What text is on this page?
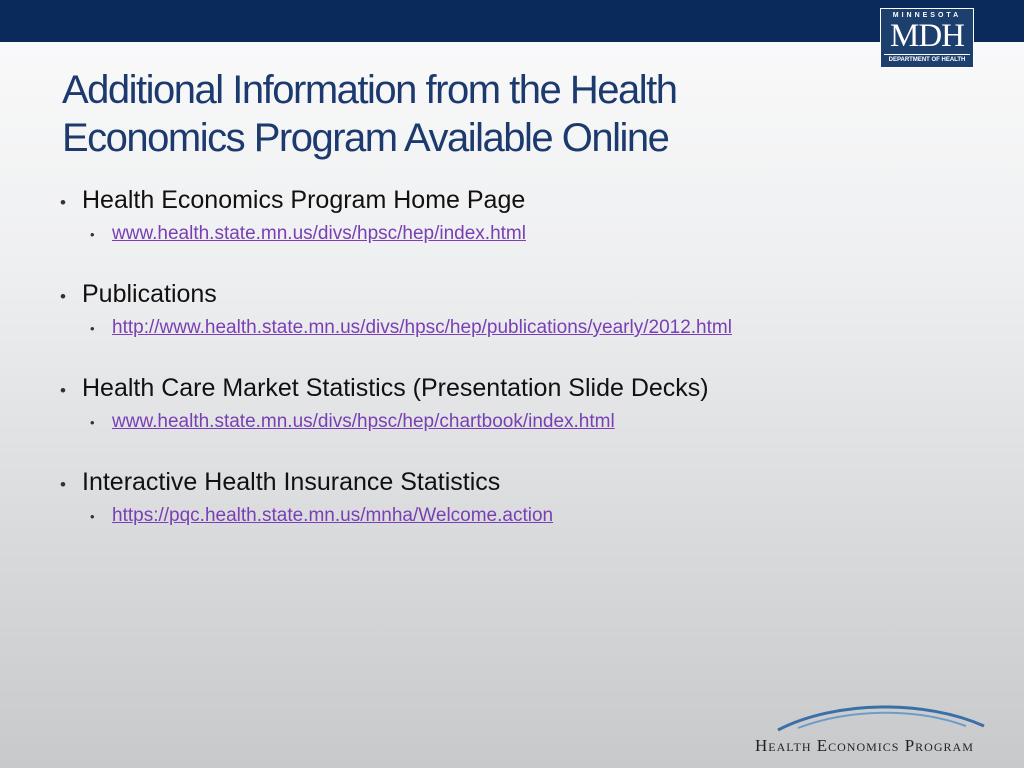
MINNESOTA
MDH
DEPARTMENT OF HEALTH
Additional Information from the Health Economics Program Available Online
• Health Economics Program Home Page
• www.health.state.mn.us/divs/hpsc/hep/index.html
• Publications
• http://www.health.state.mn.us/divs/hpsc/hep/publications/yearly/2012.html
• Health Care Market Statistics (Presentation Slide Decks)
• www.health.state.mn.us/divs/hpsc/hep/chartbook/index.html
• Interactive Health Insurance Statistics
• https://pqc.health.state.mn.us/mnha/Welcome.action
Health Economics Program
